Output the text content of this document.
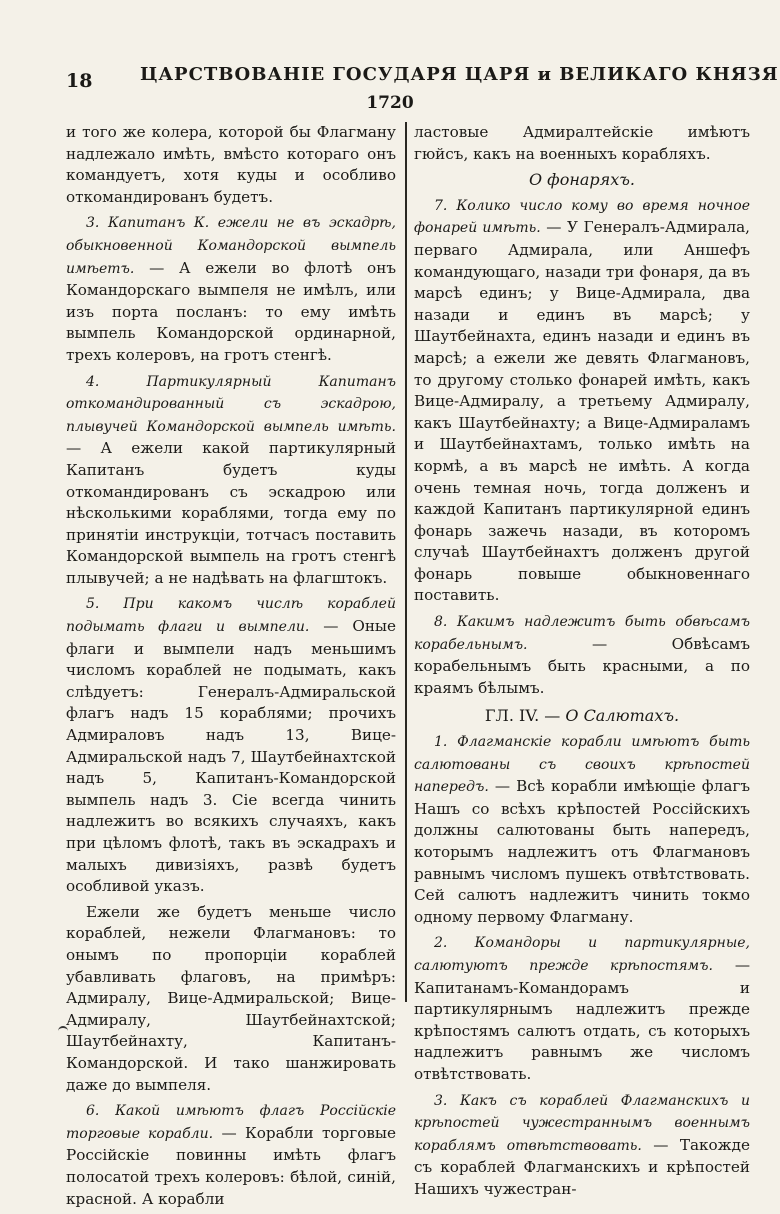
18	ЦАРСТВОВАНІЕ ГОСУДАРЯ ЦАРЯ и ВЕЛИКАГО КНЯЗЯ
1720

и того же колера, которой бы Флагману надлежало имѣть, вмѣсто котораго онъ командуетъ, хотя куды и особливо откомандированъ будетъ.

3. Капитанъ К. ежели не въ эскадрѣ, обыкновенной Командорской вымпель имѣетъ. — А ежели во флотѣ онъ Командорскаго вымпеля не имѣлъ, или изъ порта посланъ: то ему имѣть вымпель Командорской ординарной, трехъ колеровъ, на гротъ стенгѣ.

4. Партикулярный Капитанъ откомандированный съ эскадрою, плывучей Командорской вымпель имѣть. — А ежели какой партикулярный Капитанъ будетъ куды откомандированъ съ эскадрою или нѣсколькими кораблями, тогда ему по принятіи инструкціи, тотчасъ поставить Командорской вымпель на гротъ стенгѣ плывучей; а не надѣвать на флагштокъ.

5. При какомъ числѣ кораблей подымать флаги и вымпели. — Оные флаги и вымпели надъ меньшимъ числомъ кораблей не подымать, какъ слѣдуетъ: Генералъ-Адмиральской флагъ надъ 15 кораблями; прочихъ Адмираловъ надъ 13, Вице-Адмиральской надъ 7, Шаутбейнахтской надъ 5, Капитанъ-Командорской вымпель надъ 3. Сіе всегда чинить надлежитъ во всякихъ случаяхъ, какъ при цѣломъ флотѣ, такъ въ эскадрахъ и малыхъ дивизіяхъ, развѣ будетъ особливой указъ.

Ежели же будетъ меньше число кораблей, нежели Флагмановъ: то онымъ по пропорціи кораблей убавливать флаговъ, на примѣръ: Адмиралу, Вице-Адмиральской; Вице-Адмиралу, Шаутбейнахтской; Шаутбейнахту, Капитанъ-Командорской. И тако шанжировать даже до вымпеля.

6. Какой имѣютъ флагъ Россійскіе торговые корабли. — Корабли торговые Россійскіе повинны имѣть флагъ полосатой трехъ колеровъ: бѣлой, синій, красной. А корабли

ластовые Адмиралтейскіе имѣютъ гюйсъ, какъ на военныхъ корабляхъ.

О фонаряхъ.

7. Колико число кому во время ночное фонарей имѣть. — У Генералъ-Адмирала, перваго Адмирала, или Аншефъ командующаго, назади три фонаря, да въ марсѣ единъ; у Вице-Адмирала, два назади и единъ въ марсѣ; у Шаутбейнахта, единъ назади и единъ въ марсѣ; а ежели же девять Флагмановъ, то другому столько фонарей имѣть, какъ Вице-Адмиралу, а третьему Адмиралу, какъ Шаутбейнахту; а Вице-Адмираламъ и Шаутбейнахтамъ, только имѣть на кормѣ, а въ марсѣ не имѣть. А когда очень темная ночь, тогда долженъ и каждой Капитанъ партикулярной единъ фонарь зажечь назади, въ которомъ случаѣ Шаутбейнахтъ долженъ другой фонарь повыше обыкновеннаго поставить.

8. Какимъ надлежитъ быть обвѣсамъ корабельнымъ.	— Обвѣсамъ корабельнымъ быть красными, а по краямъ бѣлымъ.

ГЛ. IV. — О Салютахъ.

1. Флагманскіе корабли имѣютъ быть салютованы съ своихъ крѣпостей напередъ. — Всѣ корабли имѣющіе флагъ Нашъ со всѣхъ крѣпостей Россійскихъ должны салютованы быть напередъ, которымъ надлежитъ отъ Флагмановъ равнымъ числомъ пушекъ отвѣтствовать. Сей салютъ надлежитъ чинить токмо одному первому Флагману.

2. Командоры и партикулярные, салютуютъ прежде крѣпостямъ. — Капитанамъ-Командорамъ и партикулярнымъ надлежитъ прежде крѣпостямъ салютъ отдать, съ которыхъ надлежитъ равнымъ же числомъ отвѣтствовать.

3. Какъ съ кораблей Флагманскихъ и крѣпостей чужестраннымъ военнымъ кораблямъ отвѣтствовать. — Такожде съ кораблей Флагманскихъ и крѣпостей Нашихъ чужестран-
